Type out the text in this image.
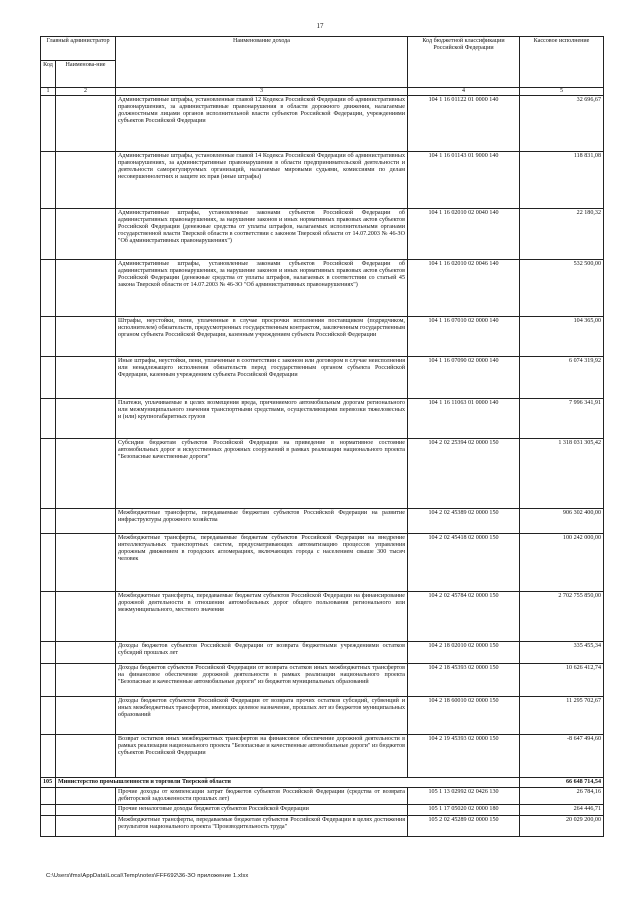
17
Главный администратор		Наименование дохода	Код бюджетной классификации Российской Федерации	Кассовое исполнение
Код	Наименова-ние			
1	2	3	4	5
		Административные штрафы, установленные главой 12 Кодекса Российской Федерации об административных правонарушениях, за административные правонарушения в области дорожного движения, налагаемые должностными лицами органов исполнительной власти субъектов Российской Федерации, учреждениями субъектов Российской Федерации	104 1 16 01122 01 0000 140	32 696,67
		Административные штрафы, установленные главой 14 Кодекса Российской Федерации об административных правонарушениях, за административные правонарушения в области предпринимательской деятельности и деятельности саморегулируемых организаций, налагаемые мировыми судьями, комиссиями по делам несовершеннолетних и защите их прав (иные штрафы)	104 1 16 01143 01 9000 140	118 831,08
		Административные штрафы, установленные законами субъектов Российской Федерации об административных правонарушениях, за нарушение законов и иных нормативных правовых актов субъектов Российской Федерации (денежные средства от уплаты штрафов, налагаемых исполнительными органами государственной власти Тверской области в соответствии с законом Тверской области от 14.07.2003 № 46-ЗО "Об административных правонарушениях")	104 1 16 02010 02 0040 140	22 180,32
		Административные штрафы, установленные законами субъектов Российской Федерации об административных правонарушениях, за нарушение законов и иных нормативных правовых актов субъектов Российской Федерации (денежные средства от уплаты штрафов, налагаемых в соответствии со статьей 45 закона Тверской области от 14.07.2003 № 46-ЗО "Об административных правонарушениях")	104 1 16 02010 02 0046 140	532 500,00
		Штрафы, неустойки, пени, уплаченные в случае просрочки исполнения поставщиком (подрядчиком, исполнителем) обязательств, предусмотренных государственным контрактом, заключенным государственным органом субъекта Российской Федерации, казенным учреждением субъекта Российской Федерации	104 1 16 07010 02 0000 140	104 365,00
		Иные штрафы, неустойки, пени, уплаченные в соответствии с законом или договором в случае неисполнения или ненадлежащего исполнения обязательств перед государственным органом субъекта Российской Федерации, казенным учреждением субъекта Российской Федерации	104 1 16 07090 02 0000 140	6 074 319,92
		Платежи, уплачиваемые в целях возмещения вреда, причиняемого автомобильным дорогам регионального или межмуниципального значения транспортными средствами, осуществляющими перевозки тяжеловесных и (или) крупногабаритных грузов	104 1 16 11063 01 0000 140	7 996 341,91
		Субсидии бюджетам субъектов Российской Федерации на приведение в нормативное состояние автомобильных дорог и искусственных дорожных сооружений в рамках реализации национального проекта "Безопасные качественные дороги"	104 2 02 25394 02 0000 150	1 318 031 305,42
		Межбюджетные трансферты, передаваемые бюджетам субъектов Российской Федерации на развитие инфраструктуры дорожного хозяйства	104 2 02 45389 02 0000 150	906 302 400,00
		Межбюджетные трансферты, передаваемые бюджетам субъектов Российской Федерации на внедрение интеллектуальных транспортных систем, предусматривающих автоматизацию процессов управления дорожным движением в городских агломерациях, включающих города с населением свыше 300 тысяч человек	104 2 02 45418 02 0000 150	100 242 000,00
		Межбюджетные трансферты, передаваемые бюджетам субъектов Российской Федерации на финансирование дорожной деятельности в отношении автомобильных дорог общего пользования регионального или межмуниципального, местного значения	104 2 02 45784 02 0000 150	2 702 755 850,00
		Доходы бюджетов субъектов Российской Федерации от возврата бюджетными учреждениями остатков субсидий прошлых лет	104 2 18 02010 02 0000 150	335 455,34
		Доходы бюджетов субъектов Российской Федерации от возврата остатков иных межбюджетных трансфертов на финансовое обеспечение дорожной деятельности в рамках реализации национального проекта "Безопасные и качественные автомобильные дороги" из бюджетов муниципальных образований	104 2 18 45393 02 0000 150	10 626 412,74
		Доходы бюджетов субъектов Российской Федерации от возврата прочих остатков субсидий, субвенций и иных межбюджетных трансфертов, имеющих целевое назначение, прошлых лет из бюджетов муниципальных образований	104 2 18 60010 02 0000 150	11 295 702,67
		Возврат остатков иных межбюджетных трансфертов на финансовое обеспечение дорожной деятельности в рамках реализации национального проекта "Безопасные и качественные автомобильные дороги" из бюджетов субъектов Российской Федерации	104 2 19 45393 02 0000 150	-8 647 494,60
105	Министерство промышленности и торговли Тверской области			66 648 714,54
		Прочие доходы от компенсации затрат бюджетов субъектов Российской Федерации (средства от возврата дебиторской задолженности прошлых лет)	105 1 13 02992 02 0426 130	26 784,16
		Прочие неналоговые доходы бюджетов субъектов Российской Федерации	105 1 17 05020 02 0000 180	264 446,71
		Межбюджетные трансферты, передаваемые бюджетам субъектов Российской Федерации в целях достижения результатов национального проекта "Производительность труда"	105 2 02 45289 02 0000 150	20 029 200,00
C:\Users\fms\AppData\Local\Temp\notes\FFF692\36-ЗО приложение 1.xlsx
